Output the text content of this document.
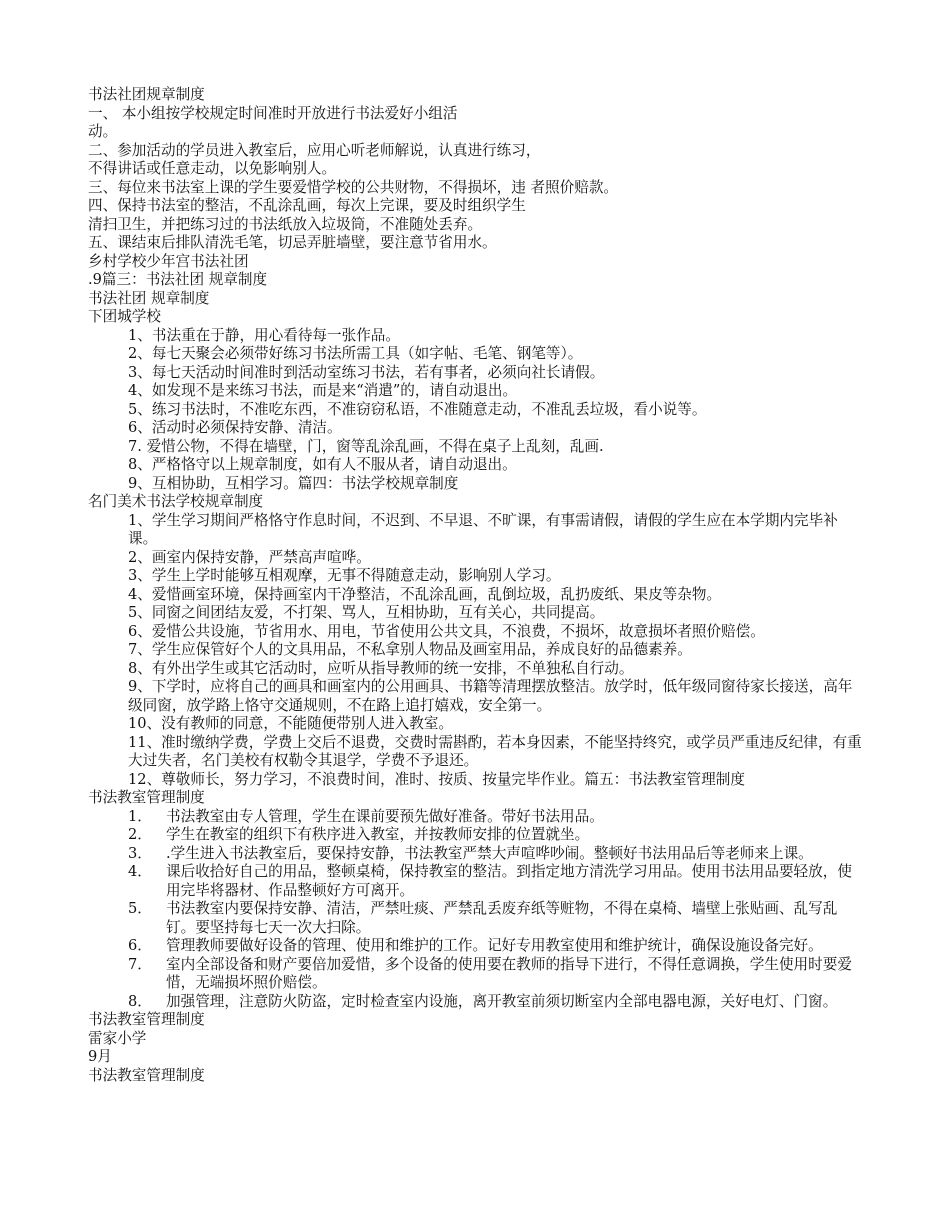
书法社团规章制度
一、 本小组按学校规定时间准时开放进行书法爱好小组活
动。
二、参加活动的学员进入教室后，应用心听老师解说，认真进行练习，
不得讲话或任意走动，以免影响别人。
三、每位来书法室上课的学生要爱惜学校的公共财物，不得损坏，违 者照价赔款。
四、保持书法室的整洁，不乱涂乱画，每次上完课，要及时组织学生
清扫卫生，并把练习过的书法纸放入垃圾筒，不准随处丢弃。
五、课结束后排队清洗毛笔，切忌弄脏墙壁，要注意节省用水。
乡村学校少年宫书法社团
.9篇三：书法社团 规章制度
书法社团 规章制度
下团城学校
1、书法重在于静，用心看待每一张作品。
2、每七天聚会必须带好练习书法所需工具（如字帖、毛笔、钢笔等）。
3、每七天活动时间准时到活动室练习书法，若有事者，必须向社长请假。
4、如发现不是来练习书法，而是来“消遣”的，请自动退出。
5、练习书法时，不准吃东西，不准窃窃私语，不准随意走动，不准乱丢垃圾，看小说等。
6、活动时必须保持安静、清洁。
7. 爱惜公物，不得在墙壁，门，窗等乱涂乱画，不得在桌子上乱刻，乱画.
8、严格恪守以上规章制度，如有人不服从者，请自动退出。
9、互相协助，互相学习。篇四：书法学校规章制度
名门美术书法学校规章制度
1、学生学习期间严格恪守作息时间，不迟到、不早退、不旷课，有事需请假，请假的学生应在本学期内完毕补课。
2、画室内保持安静，严禁高声喧哗。
3、学生上学时能够互相观摩，无事不得随意走动，影响别人学习。
4、爱惜画室环境，保持画室内干净整洁，不乱涂乱画，乱倒垃圾，乱扔废纸、果皮等杂物。
5、同窗之间团结友爱，不打架、骂人，互相协助，互有关心，共同提高。
6、爱惜公共设施，节省用水、用电，节省使用公共文具，不浪费，不损坏，故意损坏者照价赔偿。
7、学生应保管好个人的文具用品，不私拿别人物品及画室用品，养成良好的品德素养。
8、有外出学生或其它活动时，应听从指导教师的统一安排，不单独私自行动。
9、下学时，应将自己的画具和画室内的公用画具、书籍等清理摆放整洁。放学时，低年级同窗待家长接送，高年级同窗，放学路上恪守交通规则，不在路上追打嬉戏，安全第一。
10、没有教师的同意，不能随便带别人进入教室。
11、准时缴纳学费，学费上交后不退费，交费时需斟酌，若本身因素，不能坚持终究，或学员严重违反纪律，有重大过失者，名门美校有权勒令其退学，学费不予退还。
12、尊敬师长，努力学习，不浪费时间，准时、按质、按量完毕作业。篇五：书法教室管理制度
书法教室管理制度
1． 书法教室由专人管理，学生在课前要预先做好准备。带好书法用品。
2． 学生在教室的组织下有秩序进入教室，并按教师安排的位置就坐。
3． .学生进入书法教室后，要保持安静，书法教室严禁大声喧哗吵闹。整顿好书法用品后等老师来上课。
4． 课后收拾好自己的用品，整顿桌椅，保持教室的整洁。到指定地方清洗学习用品。使用书法用品要轻放，使用完毕将器材、作品整顿好方可离开。
5． 书法教室内要保持安静、清洁，严禁吐痰、严禁乱丢废弃纸等赃物，不得在桌椅、墙壁上张贴画、乱写乱钉。要坚持每七天一次大扫除。
6． 管理教师要做好设备的管理、使用和维护的工作。记好专用教室使用和维护统计，确保设施设备完好。
7． 室内全部设备和财产要倍加爱惜，多个设备的使用要在教师的指导下进行，不得任意调换，学生使用时要爱惜，无端损坏照价赔偿。
8． 加强管理，注意防火防盗，定时检查室内设施，离开教室前须切断室内全部电器电源，关好电灯、门窗。
书法教室管理制度
雷家小学
9月
书法教室管理制度
